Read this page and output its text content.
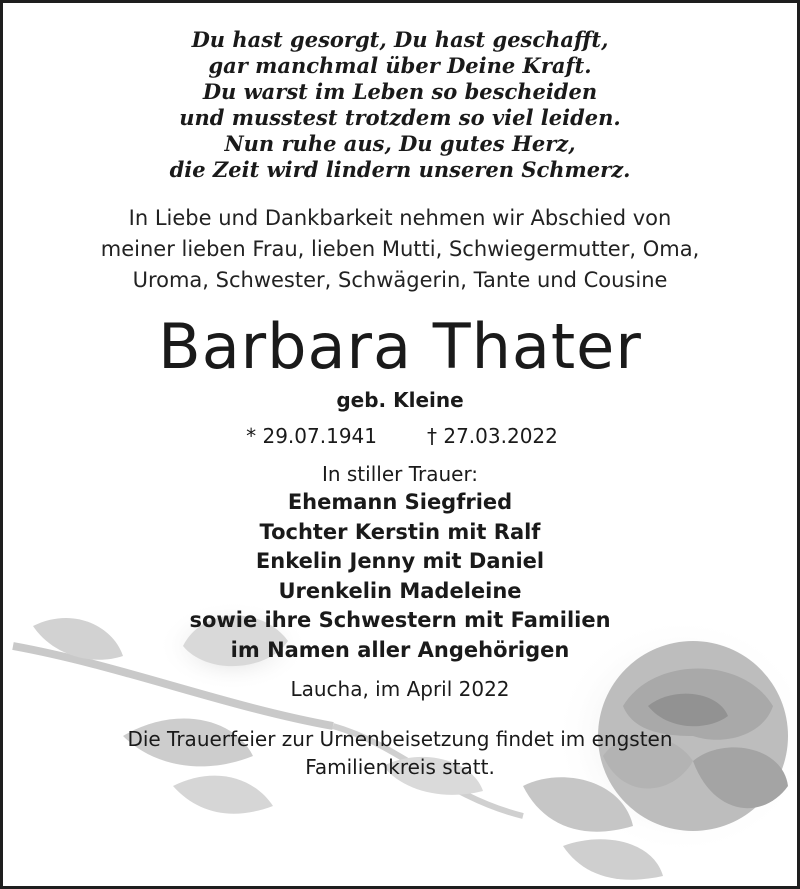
Du hast gesorgt, Du hast geschafft,
gar manchmal über Deine Kraft.
Du warst im Leben so bescheiden
und musstest trotzdem so viel leiden.
Nun ruhe aus, Du gutes Herz,
die Zeit wird lindern unseren Schmerz.
In Liebe und Dankbarkeit nehmen wir Abschied von
meiner lieben Frau, lieben Mutti, Schwiegermutter, Oma,
Uroma, Schwester, Schwägerin, Tante und Cousine
Barbara Thater
geb. Kleine
* 29.07.1941	† 27.03.2022
In stiller Trauer:
Ehemann Siegfried
Tochter Kerstin mit Ralf
Enkelin Jenny mit Daniel
Urenkelin Madeleine
sowie ihre Schwestern mit Familien
im Namen aller Angehörigen
Laucha, im April 2022
Die Trauerfeier zur Urnenbeisetzung findet im engsten
Familienkreis statt.
